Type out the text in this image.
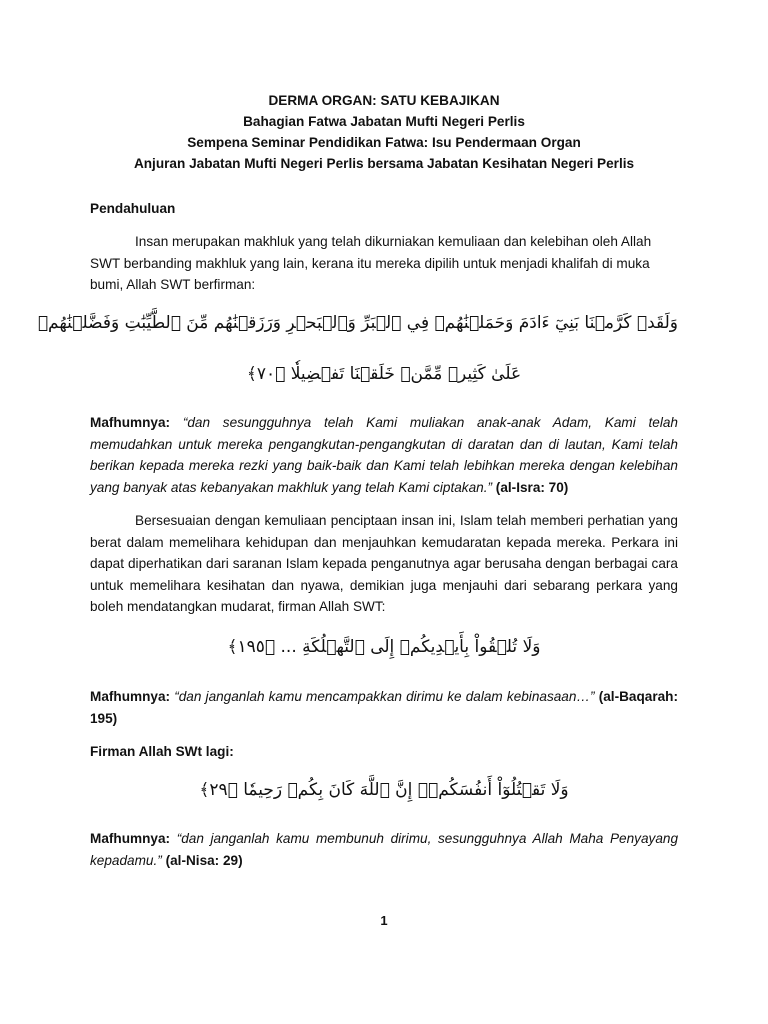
DERMA ORGAN: SATU KEBAJIKAN
Bahagian Fatwa Jabatan Mufti Negeri Perlis
Sempena Seminar Pendidikan Fatwa: Isu Pendermaan Organ
Anjuran Jabatan Mufti Negeri Perlis bersama Jabatan Kesihatan Negeri Perlis
Pendahuluan
Insan merupakan makhluk yang telah dikurniakan kemuliaan dan kelebihan oleh Allah SWT berbanding makhluk yang lain, kerana itu mereka dipilih untuk menjadi khalifah di muka bumi, Allah SWT berfirman:
وَلَقَدۡ كَرَّمۡنَا بَنِيٓ ءَادَمَ وَحَمَلۡنَٰهُمۡ فِي ٱلۡبَرِّ وَٱلۡبَحۡرِ وَرَزَقۡنَٰهُم مِّنَ ٱلطَّيِّبَٰتِ وَفَضَّلۡنَٰهُمۡ
عَلَىٰ كَثِيرٖ مِّمَّنۡ خَلَقۡنَا تَفۡضِيلٗا ﴿٧٠﴾
Mafhumnya: “dan sesungguhnya telah Kami muliakan anak-anak Adam, Kami telah memudahkan untuk mereka pengangkutan-pengangkutan di daratan dan di lautan, Kami telah berikan kepada mereka rezki yang baik-baik dan Kami telah lebihkan mereka dengan kelebihan yang banyak atas kebanyakan makhluk yang telah Kami ciptakan.” (al-Isra: 70)
Bersesuaian dengan kemuliaan penciptaan insan ini, Islam telah memberi perhatian yang berat dalam memelihara kehidupan dan menjauhkan kemudaratan kepada mereka. Perkara ini dapat diperhatikan dari saranan Islam kepada penganutnya agar berusaha dengan berbagai cara untuk memelihara kesihatan dan nyawa, demikian juga menjauhi dari sebarang perkara yang boleh mendatangkan mudarat, firman Allah SWT:
وَلَا تُلۡقُواْ بِأَيۡدِيكُمۡ إِلَى ٱلتَّهۡلُكَةِ ... ﴿١٩٥﴾
Mafhumnya: “dan janganlah kamu mencampakkan dirimu ke dalam kebinasaan…” (al-Baqarah: 195)
Firman Allah SWt lagi:
وَلَا تَقۡتُلُوٓاْ أَنفُسَكُمۡۚ إِنَّ ٱللَّهَ كَانَ بِكُمۡ رَحِيمٗا ﴿٢٩﴾
Mafhumnya: “dan janganlah kamu membunuh dirimu, sesungguhnya Allah Maha Penyayang kepadamu.” (al-Nisa: 29)
1
